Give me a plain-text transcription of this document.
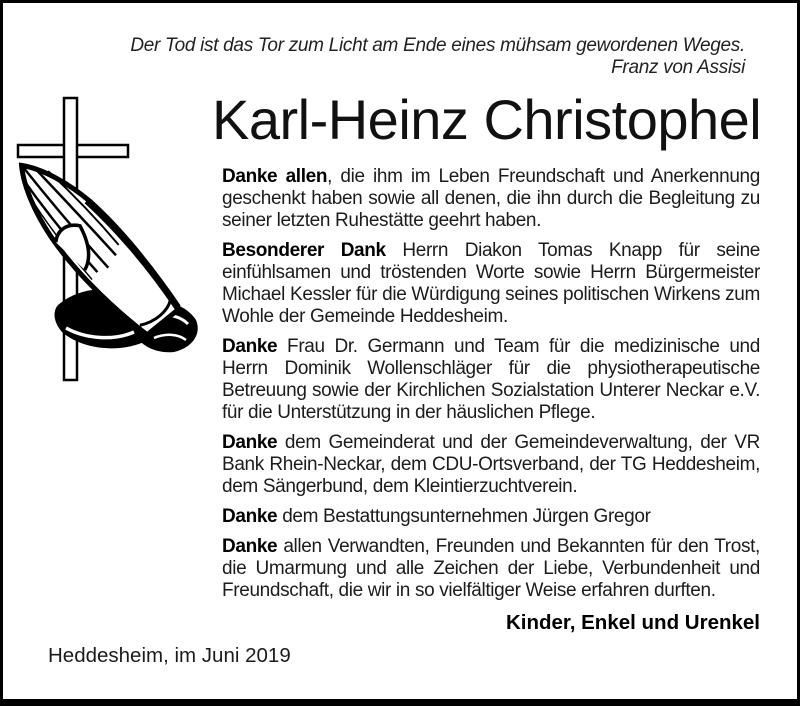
Der Tod ist das Tor zum Licht am Ende eines mühsam gewordenen Weges.
Franz von Assisi
Karl-Heinz Christophel

Danke allen, die ihm im Leben Freundschaft und Anerkennung geschenkt haben sowie all denen, die ihn durch die Begleitung zu seiner letzten Ruhestätte geehrt haben.

Besonderer Dank Herrn Diakon Tomas Knapp für seine einfühlsamen und tröstenden Worte sowie Herrn Bürgermeister Michael Kessler für die Würdigung seines politischen Wirkens zum Wohle der Gemeinde Heddesheim.

Danke Frau Dr. Germann und Team für die medizinische und Herrn Dominik Wollenschläger für die physiotherapeutische Betreuung sowie der Kirchlichen Sozialstation Unterer Neckar e.V. für die Unterstützung in der häuslichen Pflege.

Danke dem Gemeinderat und der Gemeindeverwaltung, der VR Bank Rhein-Neckar, dem CDU-Ortsverband, der TG Heddesheim, dem Sängerbund, dem Kleintierzuchtverein.

Danke dem Bestattungsunternehmen Jürgen Gregor

Danke allen Verwandten, Freunden und Bekannten für den Trost, die Umarmung und alle Zeichen der Liebe, Verbundenheit und Freundschaft, die wir in so vielfältiger Weise erfahren durften.

Kinder, Enkel und Urenkel
Heddesheim, im Juni 2019
